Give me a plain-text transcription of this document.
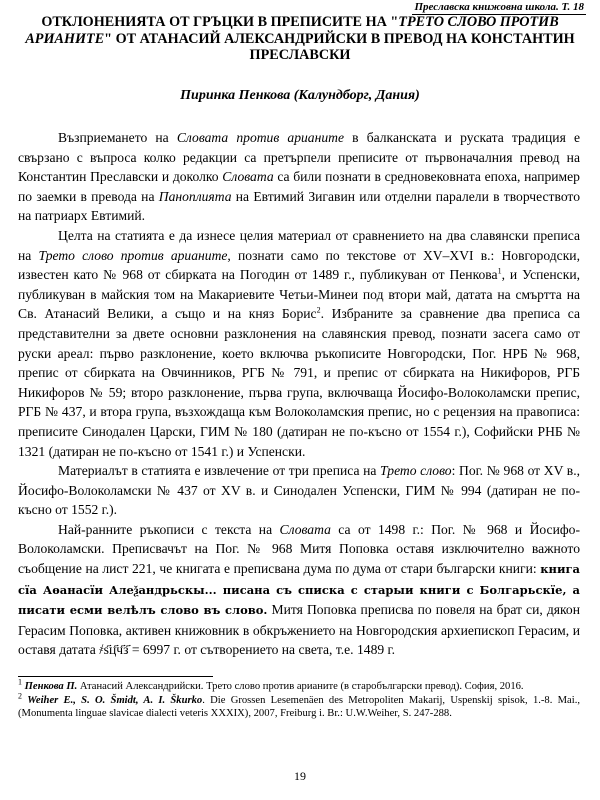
Преславска книжовна школа. Т. 18
ОТКЛОНЕНИЯТА ОТ ГРЪЦКИ В ПРЕПИСИТЕ НА "ТРЕТО СЛОВО ПРОТИВ АРИАНИТЕ" ОТ АТАНАСИЙ АЛЕКСАНДРИЙСКИ В ПРЕВОД НА КОНСТАНТИН ПРЕСЛАВСКИ
Пиринка Пенкова (Калундборг, Дания)

Възприемането на Словата против арианите в балканската и руската традиция е свързано с въпроса колко редакции са претърпели преписите от първоначалния превод на Константин Преславски и доколко Словата са били познати в средновековната епоха, например по заемки в превода на Паноплията на Евтимий Зигавин или отделни паралели в творчеството на патриарх Евтимий.

Целта на статията е да изнесе целия материал от сравнението на два славянски преписа на Трето слово против арианите, познати само по текстове от XV–XVI в.: Новгородски, известен като № 968 от сбирката на Погодин от 1489 г., публикуван от Пенкова$^1$, и Успенски, публикуван в майския том на Макариевите Четьи-Минеи под втори май, датата на смъртта на Св. Атанасий Велики, а също и на княз Борис$^2$. Избраните за сравнение два преписа са представителни за двете основни разклонения на славянския превод, познати засега само от руски ареал: първо разклонение, което включва ръкописите Новгородски, Пог. НРБ № 968, препис от сбирката на Овчинников, РГБ № 791, и препис от сбирката на Никифоров, РГБ Никифоров № 59; второ разклонение, първа група, включваща Йосифо-Волоколамски препис, РГБ № 437, и втора група, възхождаща към Волоколамския препис, но с рецензия на правописа: преписите Синодален Царски, ГИМ № 180 (датиран не по-късно от 1554 г.), Софийски РНБ № 1321 (датиран не по-късно от 1541 г.) и Успенски.

Материалът в статията е извлечение от три преписа на Трето слово: Пог. № 968 от XV в., Йосифо-Волоколамски № 437 от XV в. и Синодален Успенски, ГИМ № 994 (датиран не по-късно от 1552 г.).

Най-ранните ръкописи с текста на Словата са от 1498 г.: Пог. № 968 и Йосифо-Волоколамски. Преписвачът на Пог. № 968 Митя Поповка оставя изключително важното съобщение на лист 221, че книгата е преписвана дума по дума от стари български книги: книга сїа Аѳанасїи Алеѯандрьскы... писана съ списка с старыи книги с Болгарьскїе, а писати есми велѣлъ слово въ слово. Митя Поповка преписва по повеля на брат си, дякон Герасим Поповка, активен книжовник в обкръжението на Новгородския архиепископ Герасим, и оставя датата ҂ѕ҃ц҃ч҃з҃ = 6997 г. от сътворението на света, т.е. 1489 г.

$^1$ Пенкова П. Атанасий Александрийски. Трето слово против арианите (в старобългарски превод). София, 2016.

$^2$ Weiher E., S. O. Šmidt, A. I. Škurko. Die Grossen Lesemenäen des Metropoliten Makarij, Uspenskij spisok, 1.-8. Mai., (Monumenta linguae slavicae dialecti veteris XXXIX), 2007, Freiburg i. Br.: U.W.Weiher, S. 247-288.

19
